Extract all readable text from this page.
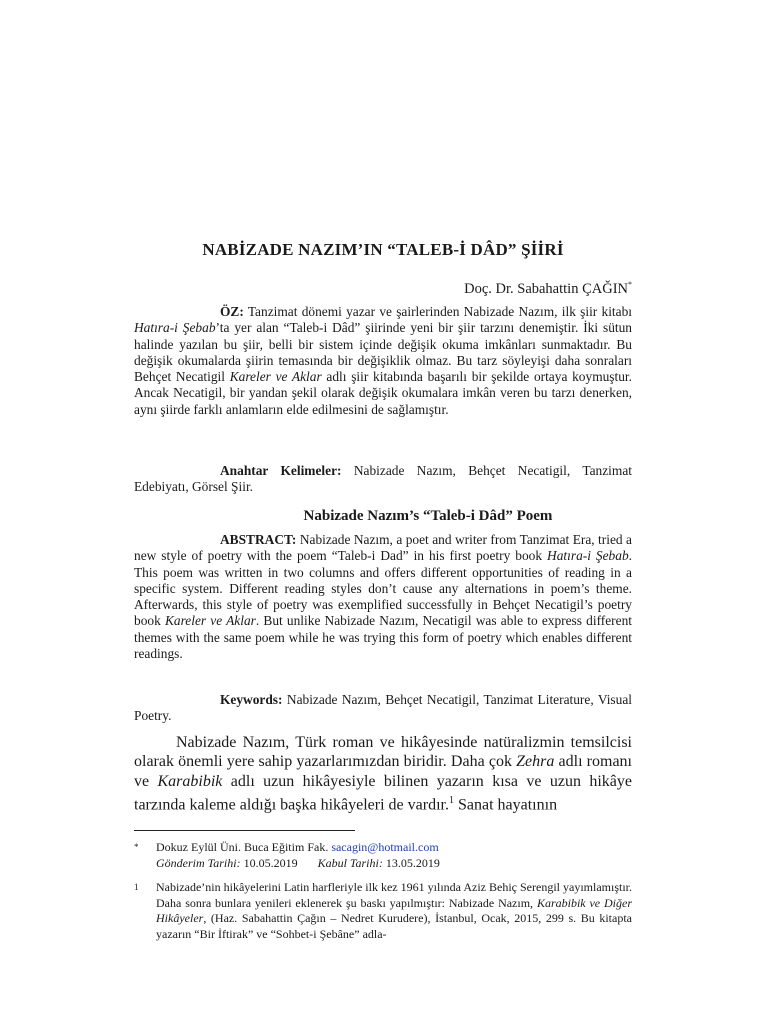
NABİZADE NAZIM’IN “TALEB-İ DÂD” ŞİİRİ
Doç. Dr. Sabahattin ÇAĞIN*

ÖZ: Tanzimat dönemi yazar ve şairlerinden Nabizade Nazım, ilk şiir kitabı Hatıra-i Şebab’ta yer alan “Taleb-i Dâd” şiirinde yeni bir şiir tarzını denemiştir. İki sütun halinde yazılan bu şiir, belli bir sistem içinde değişik okuma imkânları sunmaktadır. Bu değişik okumalarda şiirin temasında bir değişiklik olmaz. Bu tarz söyleyişi daha sonraları Behçet Necatigil Kareler ve Aklar adlı şiir kitabında başarılı bir şekilde ortaya koymuştur. Ancak Necatigil, bir yandan şekil olarak değişik okumalara imkân veren bu tarzı denerken, aynı şiirde farklı anlamların elde edilmesini de sağlamıştır.

Anahtar Kelimeler: Nabizade Nazım, Behçet Necatigil, Tanzimat Edebiyatı, Görsel Şiir.

Nabizade Nazım’s “Taleb-i Dâd” Poem

ABSTRACT: Nabizade Nazım, a poet and writer from Tanzimat Era, tried a new style of poetry with the poem “Taleb-i Dad” in his first poetry book Hatıra-i Şebab. This poem was written in two columns and offers different opportunities of reading in a specific system. Different reading styles don’t cause any alternations in poem’s theme. Afterwards, this style of poetry was exemplified successfully in Behçet Necatigil’s poetry book Kareler ve Aklar. But unlike Nabizade Nazım, Necatigil was able to express different themes with the same poem while he was trying this form of poetry which enables different readings.

Keywords: Nabizade Nazım, Behçet Necatigil, Tanzimat Literature, Visual Poetry.

Nabizade Nazım, Türk roman ve hikâyesinde natüralizmin temsilcisi olarak önemli yere sahip yazarlarımızdan biridir. Daha çok Zehra adlı romanı ve Karabibik adlı uzun hikâyesiyle bilinen yazarın kısa ve uzun hikâye tarzında kaleme aldığı başka hikâyeleri de vardır.$^1$ Sanat hayatının

* Dokuz Eylül Üni. Buca Eğitim Fak. sacagin@hotmail.com
Gönderim Tarihi: 10.05.2019 Kabul Tarihi: 13.05.2019
1 Nabizade’nin hikâyelerini Latin harfleriyle ilk kez 1961 yılında Aziz Behiç Serengil yayımlamıştır. Daha sonra bunlara yenileri eklenerek şu baskı yapılmıştır: Nabizade Nazım, Karabibik ve Diğer Hikâyeler, (Haz. Sabahattin Çağın – Nedret Kurudere), İstanbul, Ocak, 2015, 299 s. Bu kitapta yazarın “Bir İftirak” ve “Sohbet-i Şebâne” adla-
